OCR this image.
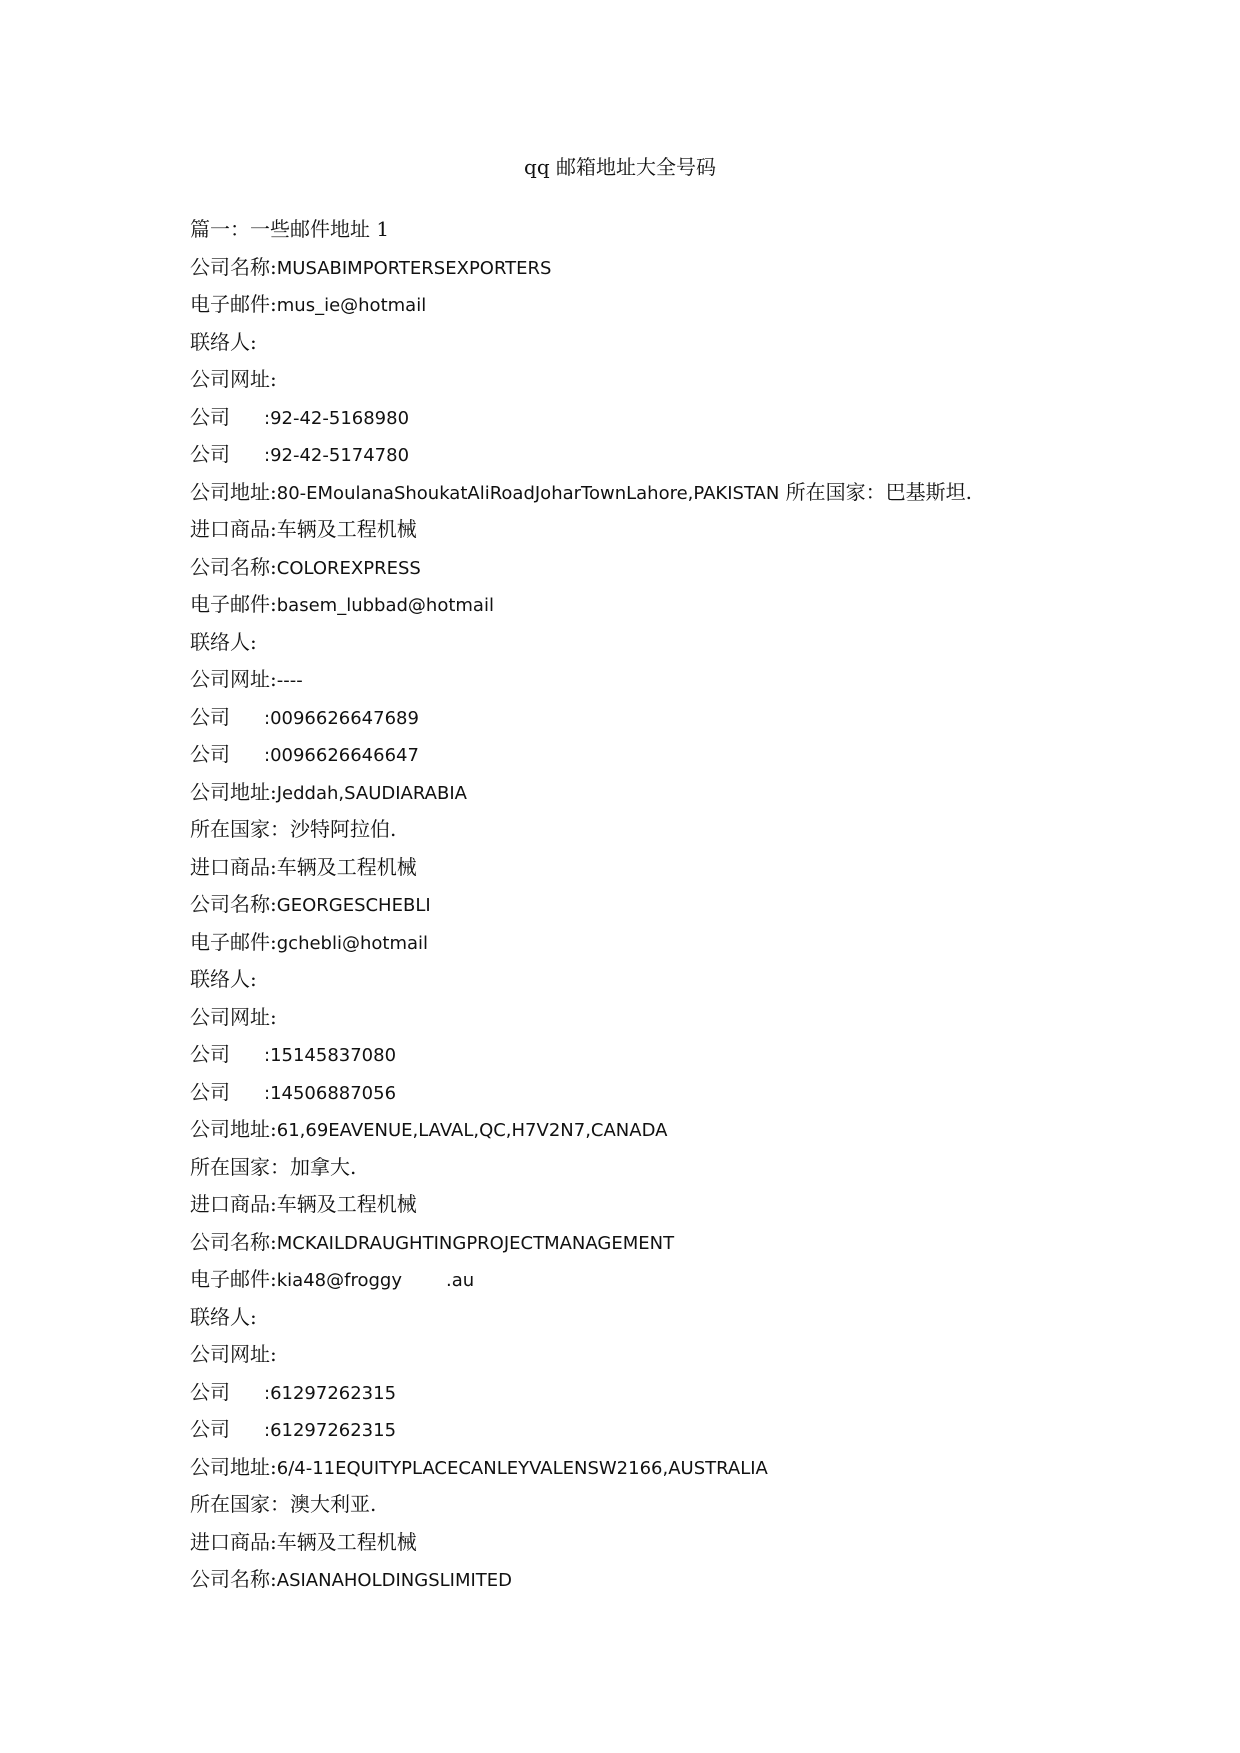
qq 邮箱地址大全号码
篇一：一些邮件地址 1
公司名称:MUSABIMPORTERSEXPORTERS
电子邮件:mus_ie@hotmail
联络人:
公司网址:
公司 :92-42-5168980
公司 :92-42-5174780
公司地址:80-EMoulanaShoukatAliRoadJoharTownLahore,PAKISTAN 所在国家：巴基斯坦.
进口商品:车辆及工程机械
公司名称:COLOREXPRESS
电子邮件:basem_lubbad@hotmail
联络人:
公司网址:----
公司 :0096626647689
公司 :0096626646647
公司地址:Jeddah,SAUDIARABIA
所在国家：沙特阿拉伯.
进口商品:车辆及工程机械
公司名称:GEORGESCHEBLI
电子邮件:gchebli@hotmail
联络人:
公司网址:
公司 :15145837080
公司 :14506887056
公司地址:61,69EAVENUE,LAVAL,QC,H7V2N7,CANADA
所在国家：加拿大.
进口商品:车辆及工程机械
公司名称:MCKAILDRAUGHTINGPROJECTMANAGEMENT
电子邮件:kia48@froggy .au
联络人:
公司网址:
公司 :61297262315
公司 :61297262315
公司地址:6/4-11EQUITYPLACECANLEYVALENSW2166,AUSTRALIA
所在国家：澳大利亚.
进口商品:车辆及工程机械
公司名称:ASIANAHOLDINGSLIMITED
